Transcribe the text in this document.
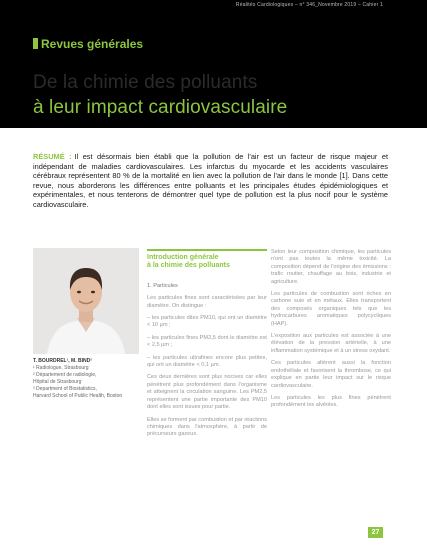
Réalités Cardiologiques – n° 346_Novembre 2019 – Cahier 1
Revues générales
De la chimie des polluants
à leur impact cardiovasculaire
RÉSUMÉ : Il est désormais bien établi que la pollution de l'air est un facteur de risque majeur et indépendant de maladies cardiovasculaires. Les infarctus du myocarde et les accidents vasculaires cérébraux représentent 80 % de la mortalité en lien avec la pollution de l'air dans le monde [1]. Dans cette revue, nous aborderons les différences entre polluants et les principales études épidémiologiques et expérimentales, et nous tenterons de démontrer quel type de pollution est la plus nocif pour le système cardiovasculaire.
T. BOURDREL¹, M. BIND²
¹ Radiologue, Strasbourg
² Département de radiologie,
Hôpital de Strasbourg
³ Department of Biostatistics,
Harvard School of Public Health, Boston
Introduction générale
à la chimie des polluants

1. Particules

Les particules fines sont caractérisées par leur diamètre. On distingue :

– les particules dites PM10, qui ont un diamètre < 10 µm ;

– les particules fines PM2,5 dont le diamètre est < 2,5 µm ;

– les particules ultrafines encore plus petites, qui ont un diamètre < 0,1 µm.

Ces deux dernières sont plus nocives car elles pénètrent plus profondément dans l'organisme et atteignent la circulation sanguine. Les PM2,5 représentent une partie importante des PM10 dont elles sont issues pour partie.

Elles se forment par combustion et par réactions chimiques dans l'atmosphère, à partir de précurseurs gazeux.

Selon leur composition chimique, les particules n'ont pas toutes la même toxicité. La composition dépend de l'origine des émissions : trafic routier, chauffage au bois, industrie et agriculture.

Les particules de combustion sont riches en carbone suie et en métaux. Elles transportent des composés organiques tels que les hydrocarbures aromatiques polycycliques (HAP).

L'exposition aux particules est associée à une élévation de la pression artérielle, à une inflammation systémique et à un stress oxydant.

Ces particules altèrent aussi la fonction endothéliale et favorisent la thrombose, ce qui explique en partie leur impact sur le risque cardiovasculaire.

Les particules les plus fines pénètrent profondément les alvéoles.

27
